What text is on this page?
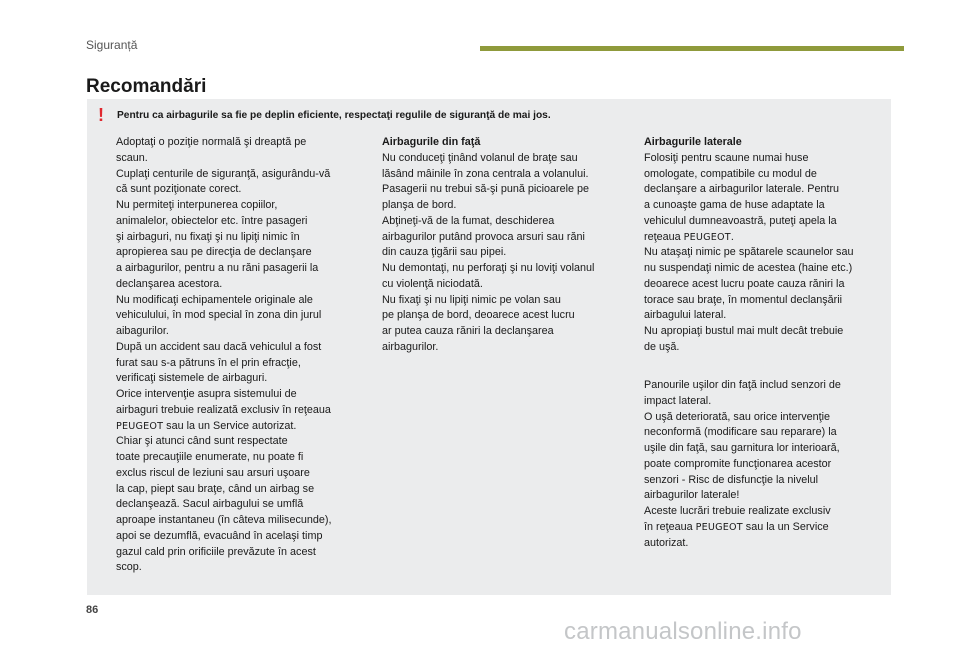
Siguranță
Recomandări
! Pentru ca airbagurile sa fie pe deplin eficiente, respectaţi regulile de siguranţă de mai jos.

Adoptaţi o poziţie normală şi dreaptă pe

scaun.

Cuplaţi centurile de siguranţă, asigurându-vă

că sunt poziţionate corect.

Nu permiteţi interpunerea copiilor,

animalelor, obiectelor etc. între pasageri

şi airbaguri, nu fixaţi şi nu lipiţi nimic în

apropierea sau pe direcţia de declanşare

a airbagurilor, pentru a nu răni pasagerii la

declanşarea acestora.

Nu modificaţi echipamentele originale ale

vehiculului, în mod special în zona din jurul

aibagurilor.

După un accident sau dacă vehiculul a fost

furat sau s-a pătruns în el prin efracţie,

verificaţi sistemele de airbaguri.

Orice intervenţie asupra sistemului de

airbaguri trebuie realizată exclusiv în reţeaua

PEUGEOT sau la un Service autorizat.

Chiar şi atunci când sunt respectate

toate precauţiile enumerate, nu poate fi

exclus riscul de leziuni sau arsuri uşoare

la cap, piept sau braţe, când un airbag se

declanşează. Sacul airbagului se umflă

aproape instantaneu (în câteva milisecunde),

apoi se dezumflă, evacuând în acelaşi timp

gazul cald prin orificiile prevăzute în acest

scop.

Airbagurile din faţă

Nu conduceţi ţinând volanul de braţe sau

lăsând mâinile în zona centrala a volanului.

Pasagerii nu trebui să-şi pună picioarele pe

planşa de bord.

Abţineţi-vă de la fumat, deschiderea

airbagurilor putând provoca arsuri sau răni

din cauza ţigării sau pipei.

Nu demontaţi, nu perforaţi şi nu loviţi volanul

cu violenţă niciodată.

Nu fixaţi şi nu lipiţi nimic pe volan sau

pe planşa de bord, deoarece acest lucru

ar putea cauza răniri la declanşarea

airbagurilor.

Airbagurile laterale

Folosiţi pentru scaune numai huse

omologate, compatibile cu modul de

declanşare a airbagurilor laterale. Pentru

a cunoaşte gama de huse adaptate la

vehiculul dumneavoastră, puteţi apela la

reţeaua PEUGEOT.

Nu ataşaţi nimic pe spătarele scaunelor sau

nu suspendaţi nimic de acestea (haine etc.)

deoarece acest lucru poate cauza răniri la

torace sau braţe, în momentul declanşării

airbagului lateral.

Nu apropiaţi bustul mai mult decât trebuie

de uşă.

Panourile uşilor din faţă includ senzori de

impact lateral.

O uşă deteriorată, sau orice intervenţie

neconformă (modificare sau reparare) la

uşile din faţă, sau garnitura lor interioară,

poate compromite funcţionarea acestor

senzori - Risc de disfuncţie la nivelul

airbagurilor laterale!

Aceste lucrări trebuie realizate exclusiv

în reţeaua PEUGEOT sau la un Service

autorizat.

86
carmanualsonline.info
